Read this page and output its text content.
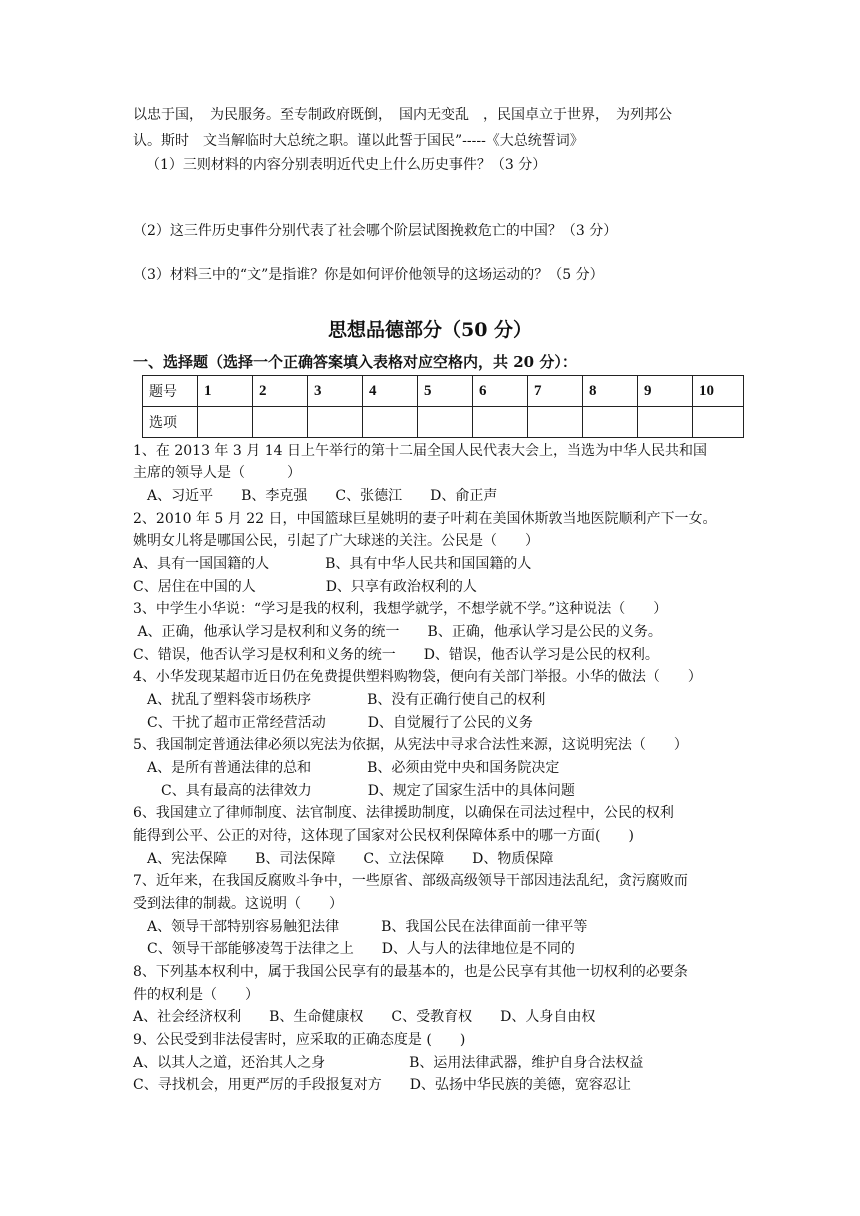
以忠于国，　为民服务。至专制政府既倒，　国内无变乱　，民国卓立于世界，　为列邦公
认。斯时　文当解临时大总统之职。谨以此誓于国民”-----《大总统誓词》
（1）三则材料的内容分别表明近代史上什么历史事件？（3 分）
（2）这三件历史事件分别代表了社会哪个阶层试图挽救危亡的中国？（3 分）
（3）材料三中的“文”是指谁？你是如何评价他领导的这场运动的？（5 分）
思想品德部分（50 分）
一、选择题（选择一个正确答案填入表格对应空格内，共 20 分）：
题号	1	2	3	4	5	6	7	8	9	10
选项										
1、在 2013 年 3 月 14 日上午举行的第十二届全国人民代表大会上，当选为中华人民共和国
主席的领导人是（　　　）
　A、习近平　　B、李克强　　C、张德江　　D、俞正声
2、2010 年 5 月 22 日，中国篮球巨星姚明的妻子叶莉在美国休斯敦当地医院顺利产下一女。
姚明女儿将是哪国公民，引起了广大球迷的关注。公民是（　　）
A、具有一国国籍的人　　　　B、具有中华人民共和国国籍的人
C、居住在中国的人　　　　　D、只享有政治权利的人
3、中学生小华说：“学习是我的权利，我想学就学，不想学就不学。”这种说法（　　）
A、正确，他承认学习是权利和义务的统一　　B、正确，他承认学习是公民的义务。
C、错误，他否认学习是权利和义务的统一　　D、错误，他否认学习是公民的权利。
4、小华发现某超市近日仍在免费提供塑料购物袋，便向有关部门举报。小华的做法（　　）
　A、扰乱了塑料袋市场秩序　　　　B、没有正确行使自己的权利
　C、干扰了超市正常经营活动　　　D、自觉履行了公民的义务
5、我国制定普通法律必须以宪法为依据，从宪法中寻求合法性来源，这说明宪法（　　）
　A、是所有普通法律的总和　　　　B、必须由党中央和国务院决定
　　C、具有最高的法律效力　　　　D、规定了国家生活中的具体问题
6、我国建立了律师制度、法官制度、法律援助制度，以确保在司法过程中，公民的权利
能得到公平、公正的对待，这体现了国家对公民权利保障体系中的哪一方面(　　)
　A、宪法保障　　B、司法保障　　C、立法保障　　D、物质保障
7、近年来，在我国反腐败斗争中，一些原省、部级高级领导干部因违法乱纪，贪污腐败而
受到法律的制裁。这说明（　　）
　A、领导干部特别容易触犯法律　　　B、我国公民在法律面前一律平等
　C、领导干部能够凌驾于法律之上　　D、人与人的法律地位是不同的
8、下列基本权利中，属于我国公民享有的最基本的，也是公民享有其他一切权利的必要条
件的权利是（　　）
A、社会经济权利　　B、生命健康权　　C、受教育权　　D、人身自由权
9、公民受到非法侵害时，应采取的正确态度是 (　　)
A、以其人之道，还治其人之身　　　　　　B、运用法律武器，维护自身合法权益
C、寻找机会，用更严厉的手段报复对方　　D、弘扬中华民族的美德，宽容忍让
